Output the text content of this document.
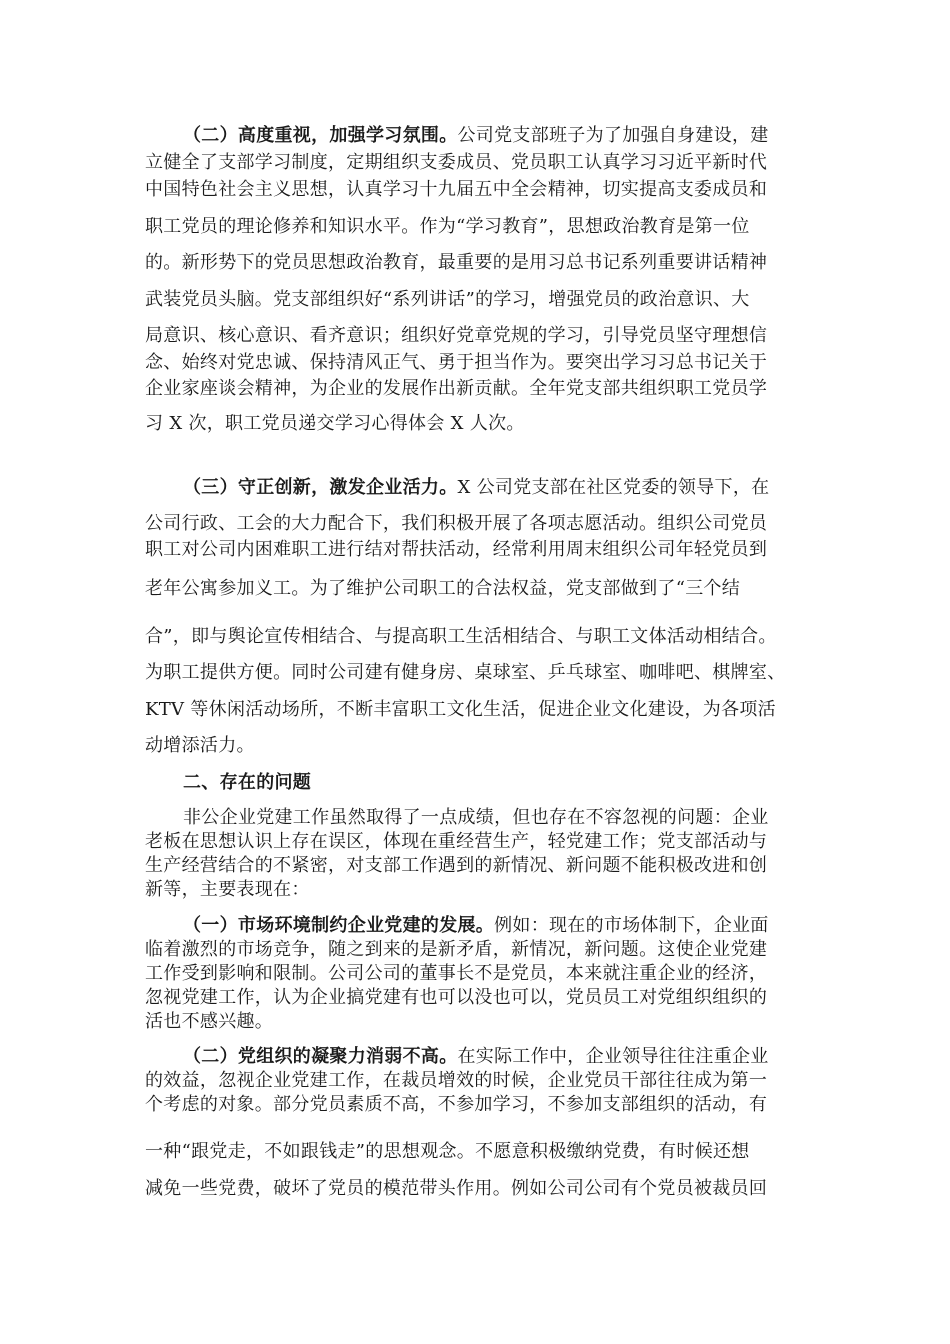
（二）高度重视，加强学习氛围。公司党支部班子为了加强自身建设，建
立健全了支部学习制度，定期组织支委成员、党员职工认真学习习近平新时代
中国特色社会主义思想，认真学习十九届五中全会精神，切实提高支委成员和
职工党员的理论修养和知识水平。作为“学习教育”，思想政治教育是第一位
的。新形势下的党员思想政治教育，最重要的是用习总书记系列重要讲话精神
武装党员头脑。党支部组织好“系列讲话”的学习，增强党员的政治意识、大
局意识、核心意识、看齐意识；组织好党章党规的学习，引导党员坚守理想信
念、始终对党忠诚、保持清风正气、勇于担当作为。要突出学习习总书记关于
企业家座谈会精神，为企业的发展作出新贡献。全年党支部共组织职工党员学
习 X 次，职工党员递交学习心得体会 X 人次。
（三）守正创新，激发企业活力。X 公司党支部在社区党委的领导下，在
公司行政、工会的大力配合下，我们积极开展了各项志愿活动。组织公司党员
职工对公司内困难职工进行结对帮扶活动，经常利用周末组织公司年轻党员到
老年公寓参加义工。为了维护公司职工的合法权益，党支部做到了“三个结
合”，即与舆论宣传相结合、与提高职工生活相结合、与职工文体活动相结合。
为职工提供方便。同时公司建有健身房、桌球室、乒乓球室、咖啡吧、棋牌室、
KTV 等休闲活动场所，不断丰富职工文化生活，促进企业文化建设，为各项活
动增添活力。
二、存在的问题
非公企业党建工作虽然取得了一点成绩，但也存在不容忽视的问题：企业
老板在思想认识上存在误区，体现在重经营生产，轻党建工作；党支部活动与
生产经营结合的不紧密，对支部工作遇到的新情况、新问题不能积极改进和创
新等，主要表现在：
（一）市场环境制约企业党建的发展。例如：现在的市场体制下，企业面
临着激烈的市场竞争，随之到来的是新矛盾，新情况，新问题。这使企业党建
工作受到影响和限制。公司公司的董事长不是党员，本来就注重企业的经济，
忽视党建工作，认为企业搞党建有也可以没也可以，党员员工对党组织组织的
活也不感兴趣。
（二）党组织的凝聚力消弱不高。在实际工作中，企业领导往往注重企业
的效益，忽视企业党建工作，在裁员增效的时候，企业党员干部往往成为第一
个考虑的对象。部分党员素质不高，不参加学习，不参加支部组织的活动，有
一种“跟党走，不如跟钱走”的思想观念。不愿意积极缴纳党费，有时候还想
减免一些党费，破坏了党员的模范带头作用。例如公司公司有个党员被裁员回
